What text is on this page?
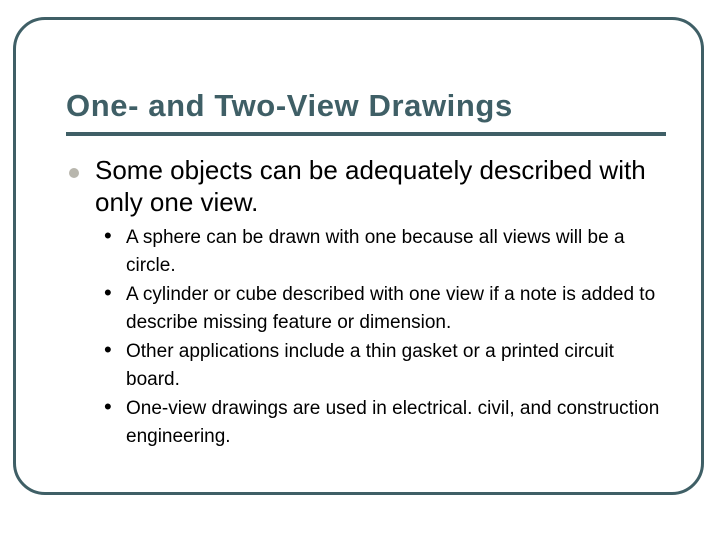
One- and Two-View Drawings
Some objects can be adequately described with only one view.
• A sphere can be drawn with one because all views will be a circle.
• A cylinder or cube described with one view if a note is added to describe missing feature or dimension.
• Other applications include a thin gasket or a printed circuit board.
• One-view drawings are used in electrical. civil, and construction engineering.
